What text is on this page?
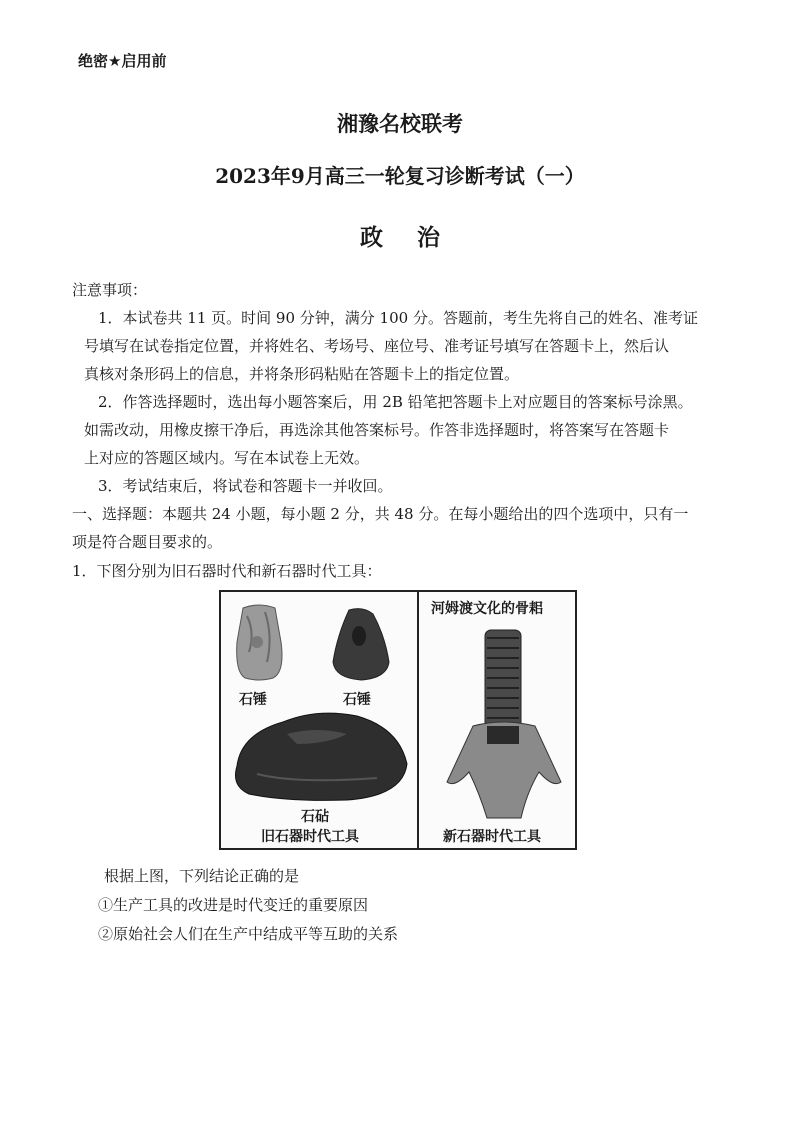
绝密★启用前
湘豫名校联考
2023年9月高三一轮复习诊断考试（一）
政治
注意事项：
1．本试卷共 11 页。时间 90 分钟，满分 100 分。答题前，考生先将自己的姓名、准考证
号填写在试卷指定位置，并将姓名、考场号、座位号、准考证号填写在答题卡上，然后认
真核对条形码上的信息，并将条形码粘贴在答题卡上的指定位置。
2．作答选择题时，选出每小题答案后，用 2B 铅笔把答题卡上对应题目的答案标号涂黑。
如需改动，用橡皮擦干净后，再选涂其他答案标号。作答非选择题时，将答案写在答题卡
上对应的答题区域内。写在本试卷上无效。
3．考试结束后，将试卷和答题卡一并收回。
一、选择题：本题共 24 小题，每小题 2 分，共 48 分。在每小题给出的四个选项中，只有一
项是符合题目要求的。
1．下图分别为旧石器时代和新石器时代工具：
石锤	石锤
石砧
旧石器时代工具
河姆渡文化的骨耜
新石器时代工具
根据上图，下列结论正确的是
①生产工具的改进是时代变迁的重要原因
②原始社会人们在生产中结成平等互助的关系
